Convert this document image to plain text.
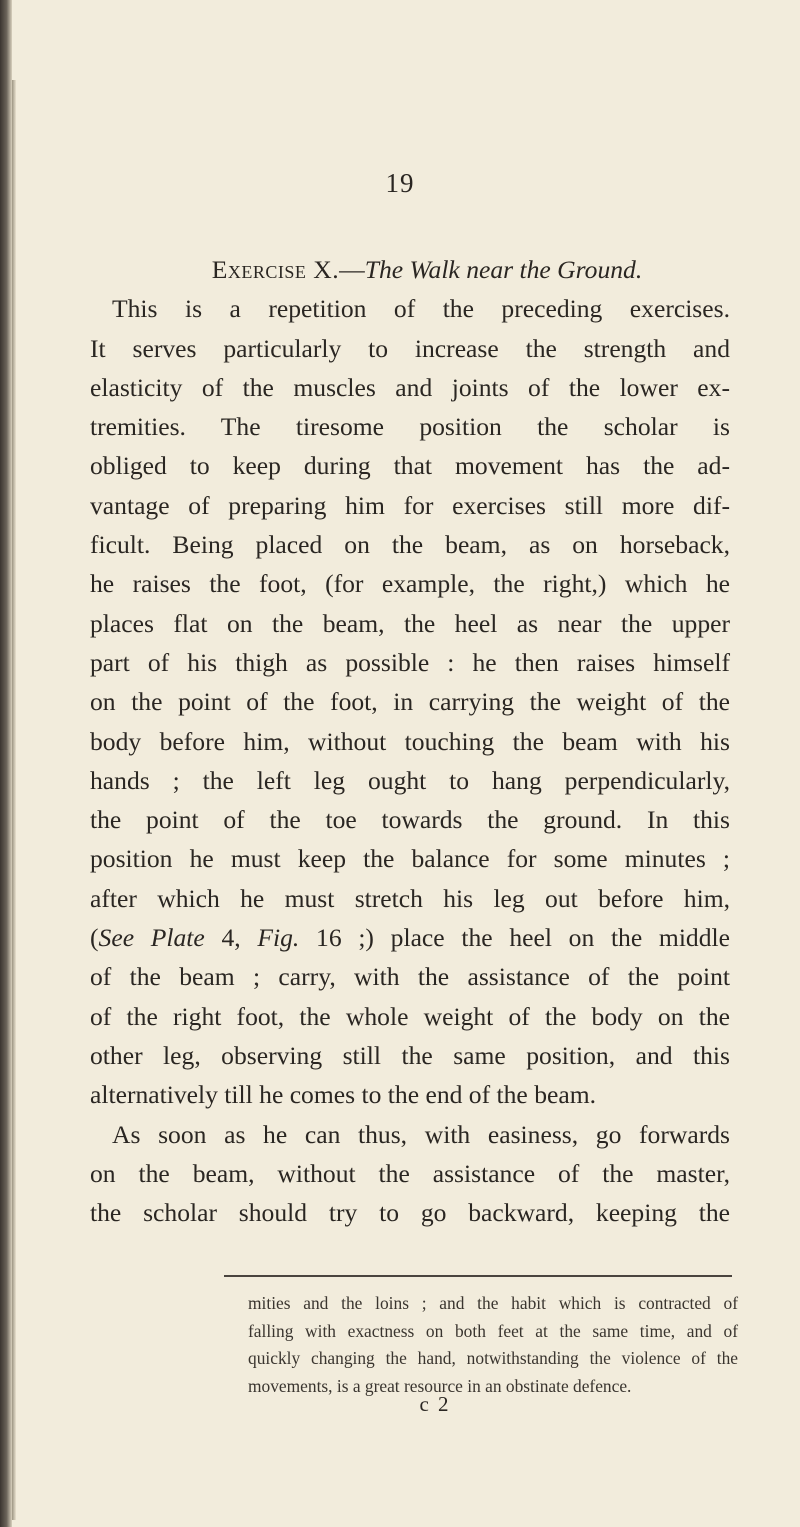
19
Exercise X.—The Walk near the Ground.
This is a repetition of the preceding exercises.
It serves particularly to increase the strength and
elasticity of the muscles and joints of the lower ex-
tremities. The tiresome position the scholar is
obliged to keep during that movement has the ad-
vantage of preparing him for exercises still more dif-
ficult. Being placed on the beam, as on horseback,
he raises the foot, (for example, the right,) which he
places flat on the beam, the heel as near the upper
part of his thigh as possible : he then raises himself
on the point of the foot, in carrying the weight of the
body before him, without touching the beam with his
hands ; the left leg ought to hang perpendicularly,
the point of the toe towards the ground. In this
position he must keep the balance for some minutes ;
after which he must stretch his leg out before him,
(See Plate 4, Fig. 16 ;) place the heel on the middle
of the beam ; carry, with the assistance of the point
of the right foot, the whole weight of the body on the
other leg, observing still the same position, and this
alternatively till he comes to the end of the beam.
As soon as he can thus, with easiness, go forwards
on the beam, without the assistance of the master,
the scholar should try to go backward, keeping the
mities and the loins ; and the habit which is contracted of
falling with exactness on both feet at the same time, and of
quickly changing the hand, notwithstanding the violence of the
movements, is a great resource in an obstinate defence.
c 2
